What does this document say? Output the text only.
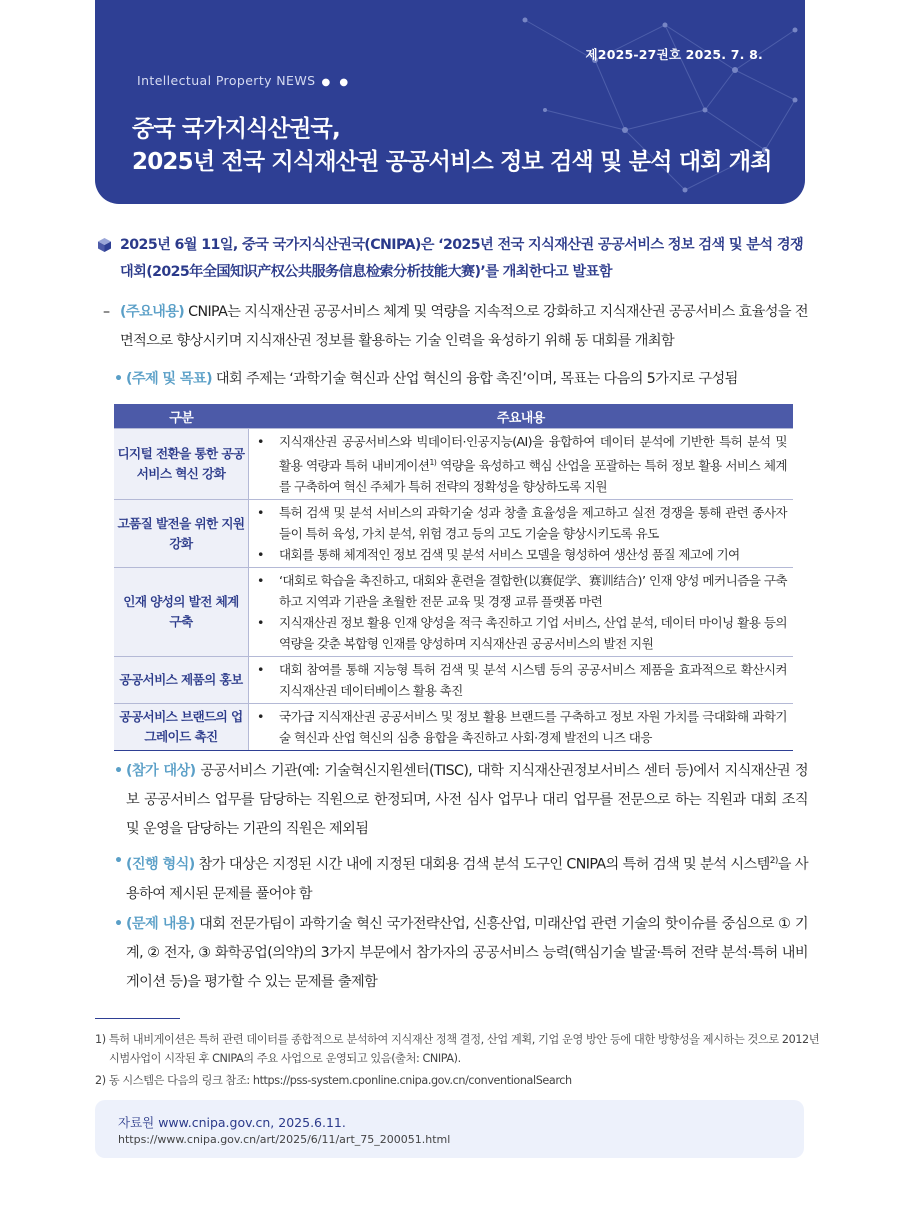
제2025-27권호 2025. 7. 8.
Intellectual Property NEWS ● ●
중국 국가지식산권국,
2025년 전국 지식재산권 공공서비스 정보 검색 및 분석 대회 개최
2025년 6월 11일, 중국 국가지식산권국(CNIPA)은 ‘2025년 전국 지식재산권 공공서비스 정보 검색 및 분석 경쟁 대회(2025年全国知识产权公共服务信息检索分析技能大赛)’를 개최한다고 발표함
– (주요내용) CNIPA는 지식재산권 공공서비스 체계 및 역량을 지속적으로 강화하고 지식재산권 공공서비스 효율성을 전면적으로 향상시키며 지식재산권 정보를 활용하는 기술 인력을 육성하기 위해 동 대회를 개최함
• (주제 및 목표) 대회 주제는 ‘과학기술 혁신과 산업 혁신의 융합 촉진’이며, 목표는 다음의 5가지로 구성됨
구분	주요내용
디지털 전환을 통한 공공서비스 혁신 강화	• 지식재산권 공공서비스와 빅데이터·인공지능(AI)을 융합하여 데이터 분석에 기반한 특허 분석 및 활용 역량과 특허 내비게이션$^{1)}$ 역량을 육성하고 핵심 산업을 포괄하는 특허 정보 활용 서비스 체계를 구축하여 혁신 주체가 특허 전략의 정확성을 향상하도록 지원

고품질 발전을 위한 지원 강화	• 특허 검색 및 분석 서비스의 과학기술 성과 창출 효율성을 제고하고 실전 경쟁을 통해 관련 종사자들이 특허 육성, 가치 분석, 위험 경고 등의 고도 기술을 향상시키도록 유도
• 대회를 통해 체계적인 정보 검색 및 분석 서비스 모델을 형성하여 생산성 품질 제고에 기여

인재 양성의 발전 체계 구축	• ‘대회로 학습을 촉진하고, 대회와 훈련을 결합한(以赛促学、赛训结合)’ 인재 양성 메커니즘을 구축하고 지역과 기관을 초월한 전문 교육 및 경쟁 교류 플랫폼 마련
• 지식재산권 정보 활용 인재 양성을 적극 촉진하고 기업 서비스, 산업 분석, 데이터 마이닝 활용 등의 역량을 갖춘 복합형 인재를 양성하며 지식재산권 공공서비스의 발전 지원

공공서비스 제품의 홍보	• 대회 참여를 통해 지능형 특허 검색 및 분석 시스템 등의 공공서비스 제품을 효과적으로 확산시켜 지식재산권 데이터베이스 활용 촉진

공공서비스 브랜드의 업그레이드 촉진	• 국가급 지식재산권 공공서비스 및 정보 활용 브랜드를 구축하고 정보 자원 가치를 극대화해 과학기술 혁신과 산업 혁신의 심층 융합을 촉진하고 사회·경제 발전의 니즈 대응
• (참가 대상) 공공서비스 기관(예: 기술혁신지원센터(TISC), 대학 지식재산권정보서비스 센터 등)에서 지식재산권 정보 공공서비스 업무를 담당하는 직원으로 한정되며, 사전 심사 업무나 대리 업무를 전문으로 하는 직원과 대회 조직 및 운영을 담당하는 기관의 직원은 제외됨
• (진행 형식) 참가 대상은 지정된 시간 내에 지정된 대회용 검색 분석 도구인 CNIPA의 특허 검색 및 분석 시스템$^{2)}$을 사용하여 제시된 문제를 풀어야 함
• (문제 내용) 대회 전문가팀이 과학기술 혁신 국가전략산업, 신흥산업, 미래산업 관련 기술의 핫이슈를 중심으로 ① 기계, ② 전자, ③ 화학공업(의약)의 3가지 부문에서 참가자의 공공서비스 능력(핵심기술 발굴·특허 전략 분석·특허 내비게이션 등)을 평가할 수 있는 문제를 출제함
1) 특허 내비게이션은 특허 관련 데이터를 종합적으로 분석하여 지식재산 정책 결정, 산업 계획, 기업 운영 방안 등에 대한 방향성을 제시하는 것으로 2012년 시범사업이 시작된 후 CNIPA의 주요 사업으로 운영되고 있음(출처: CNIPA).
2) 동 시스템은 다음의 링크 참조: https://pss-system.cponline.cnipa.gov.cn/conventionalSearch
자료원 www.cnipa.gov.cn, 2025.6.11.
https://www.cnipa.gov.cn/art/2025/6/11/art_75_200051.html
